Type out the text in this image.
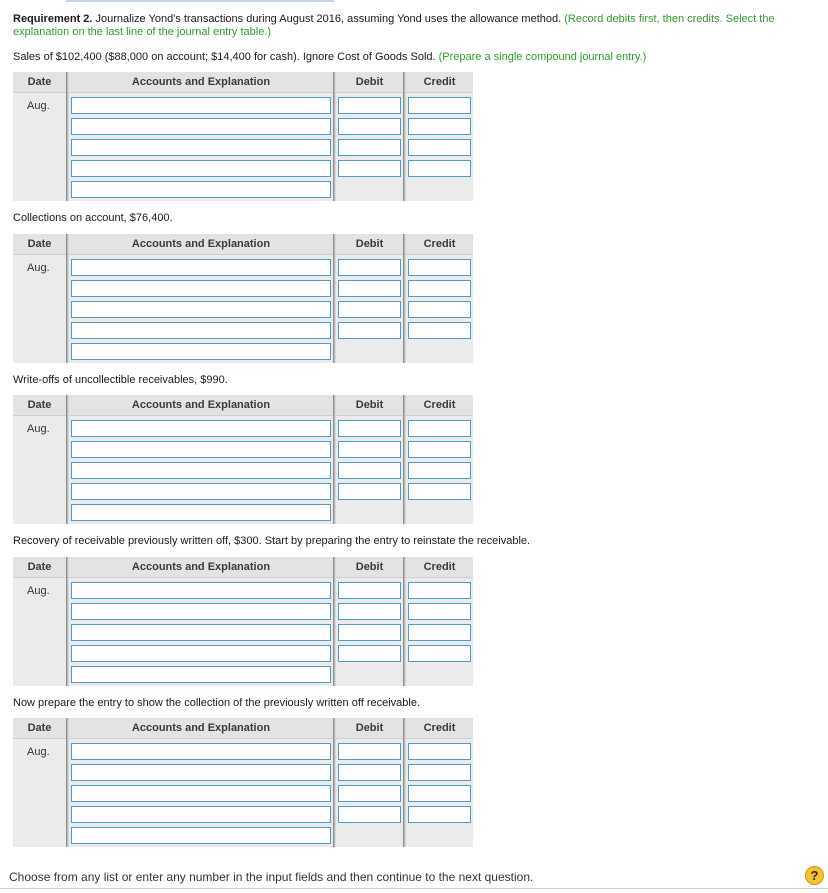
Requirement 2. Journalize Yond's transactions during August 2016, assuming Yond uses the allowance method. (Record debits first, then credits. Select the explanation on the last line of the journal entry table.)
Sales of $102,400 ($88,000 on account; $14,400 for cash). Ignore Cost of Goods Sold. (Prepare a single compound journal entry.)
Collections on account, $76,400.
Write-offs of uncollectible receivables, $990.
Recovery of receivable previously written off, $300. Start by preparing the entry to reinstate the receivable.
Now prepare the entry to show the collection of the previously written off receivable.
Date	Accounts and Explanation	Debit	Credit
Aug.
Date	Accounts and Explanation	Debit	Credit
Aug.
Date	Accounts and Explanation	Debit	Credit
Aug.
Date	Accounts and Explanation	Debit	Credit
Aug.
Date	Accounts and Explanation	Debit	Credit
Aug.
Choose from any list or enter any number in the input fields and then continue to the next question.	?
